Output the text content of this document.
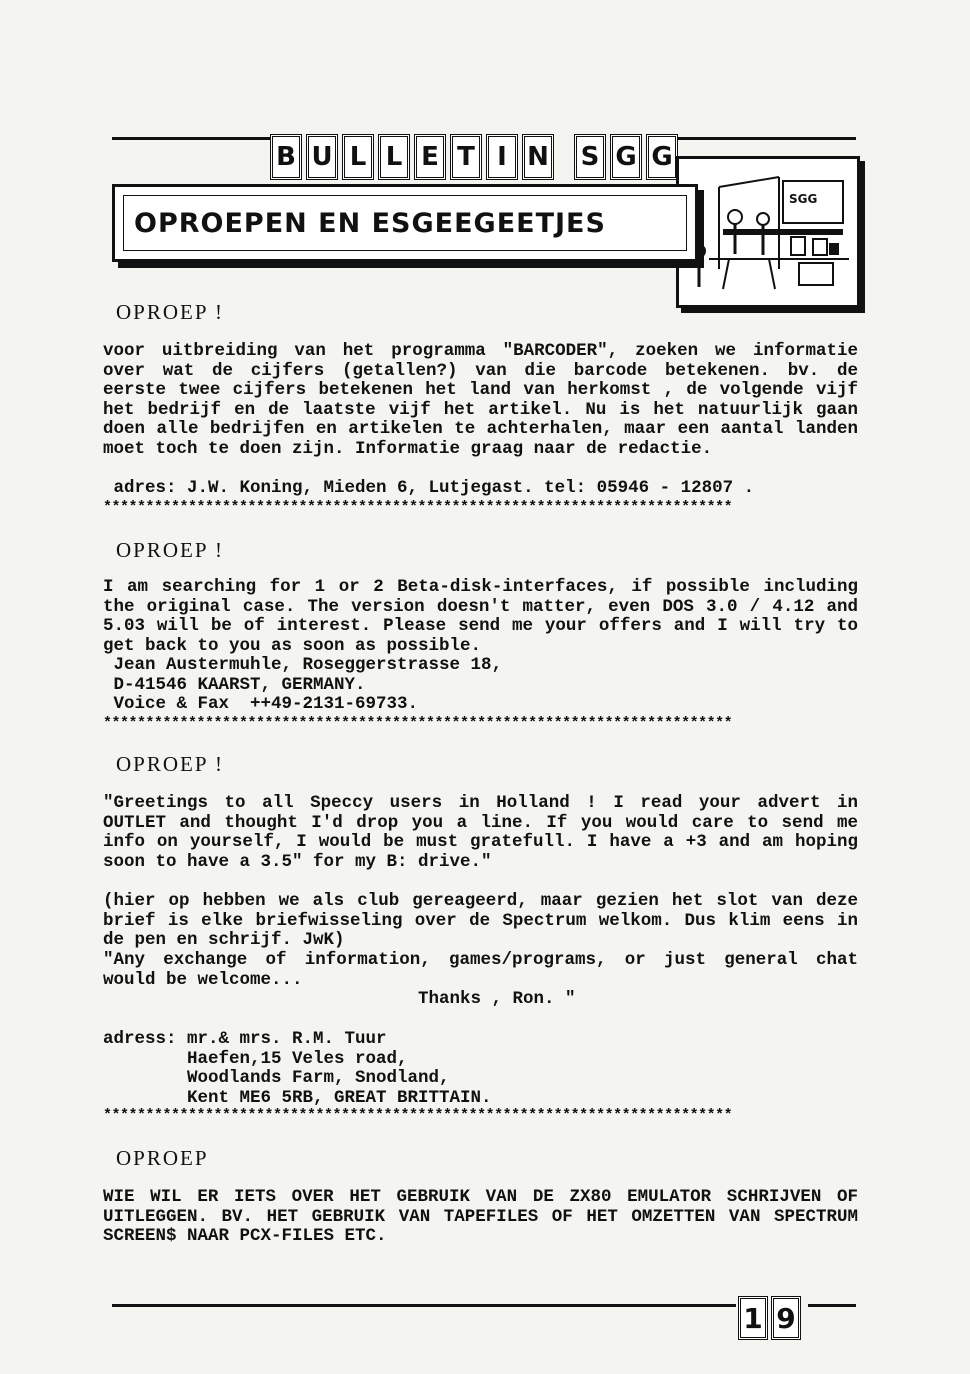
B U L L E T I N S G G
SGG
OPROEPEN EN ESGEEGEETJES
OPROEP !
voor uitbreiding van het programma "BARCODER", zoeken we informatie over wat de cijfers (getallen?) van die barcode betekenen. bv. de eerste twee cijfers betekenen het land van herkomst , de volgende vijf het bedrijf en de laatste vijf het artikel. Nu is het natuurlijk gaan doen alle bedrijfen en artikelen te achterhalen, maar een aantal landen moet toch te doen zijn. Informatie graag naar de redactie.
adres: J.W. Koning, Mieden 6, Lutjegast. tel: 05946 - 12807 .
**************************************************************************
OPROEP !
I am searching for 1 or 2 Beta-disk-interfaces, if possible including the original case. The version doesn't matter, even DOS 3.0 / 4.12 and 5.03 will be of interest. Please send me your offers and I will try to get back to you as soon as possible.
Jean Austermuhle, Roseggerstrasse 18,
D-41546 KAARST, GERMANY.
Voice & Fax  ++49-2131-69733.
**************************************************************************
OPROEP !
"Greetings to all Speccy users in Holland ! I read your advert in OUTLET and thought I'd drop you a line. If you would care to send me info on yourself, I would be must gratefull. I have a +3 and am hoping soon to have a 3.5" for my B: drive."
(hier op hebben we als club gereageerd, maar gezien het slot van deze brief is elke briefwisseling over de Spectrum welkom. Dus klim eens in de pen en schrijf. JwK)
"Any exchange of information, games/programs, or just general chat would be welcome...
Thanks , Ron. "
adress: mr.& mrs. R.M. Tuur
Haefen,15 Veles road,
Woodlands Farm, Snodland,
Kent ME6 5RB, GREAT BRITTAIN.
**************************************************************************
OPROEP
WIE WIL ER IETS OVER HET GEBRUIK VAN DE ZX80 EMULATOR SCHRIJVEN OF UITLEGGEN. BV. HET GEBRUIK VAN TAPEFILES OF HET OMZETTEN VAN SPECTRUM SCREEN$ NAAR PCX-FILES ETC.
1 9
